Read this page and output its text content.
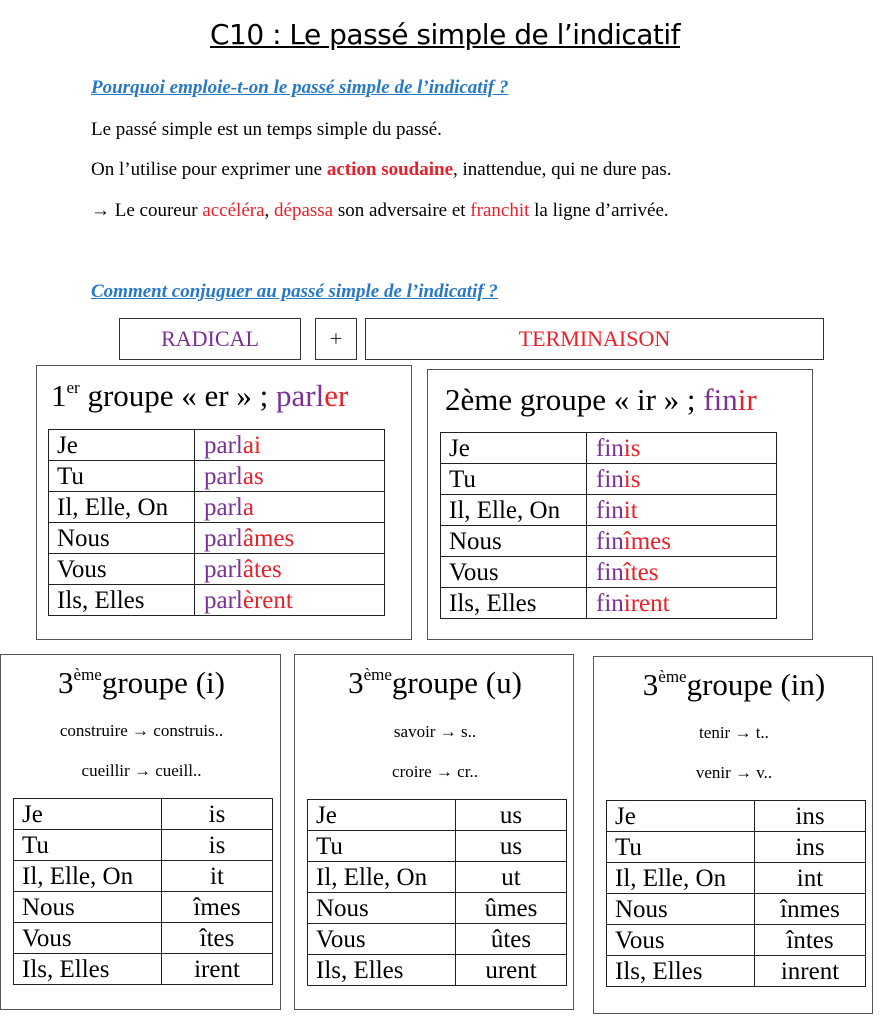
C10 : Le passé simple de l’indicatif
Pourquoi emploie-t-on le passé simple de l’indicatif ?
Le passé simple est un temps simple du passé.
On l’utilise pour exprimer une action soudaine, inattendue, qui ne dure pas.
→ Le coureur accéléra, dépassa son adversaire et franchit la ligne d’arrivée.
Comment conjuguer au passé simple de l’indicatif ?
RADICAL	+	TERMINAISON
1er groupe « er » ; parler
Je	parlai
Tu	parlas
Il, Elle, On	parla
Nous	parlâmes
Vous	parlâtes
Ils, Elles	parlèrent
2ème groupe « ir » ; finir
Je	finis
Tu	finis
Il, Elle, On	finit
Nous	finîmes
Vous	finîtes
Ils, Elles	finirent
3èmegroupe (i)
construire → construis..
cueillir → cueill..
Je	is
Tu	is
Il, Elle, On	it
Nous	îmes
Vous	îtes
Ils, Elles	irent
3èmegroupe (u)
savoir → s..
croire → cr..
Je	us
Tu	us
Il, Elle, On	ut
Nous	ûmes
Vous	ûtes
Ils, Elles	urent
3èmegroupe (in)
tenir → t..
venir → v..
Je	ins
Tu	ins
Il, Elle, On	int
Nous	înmes
Vous	întes
Ils, Elles	inrent
